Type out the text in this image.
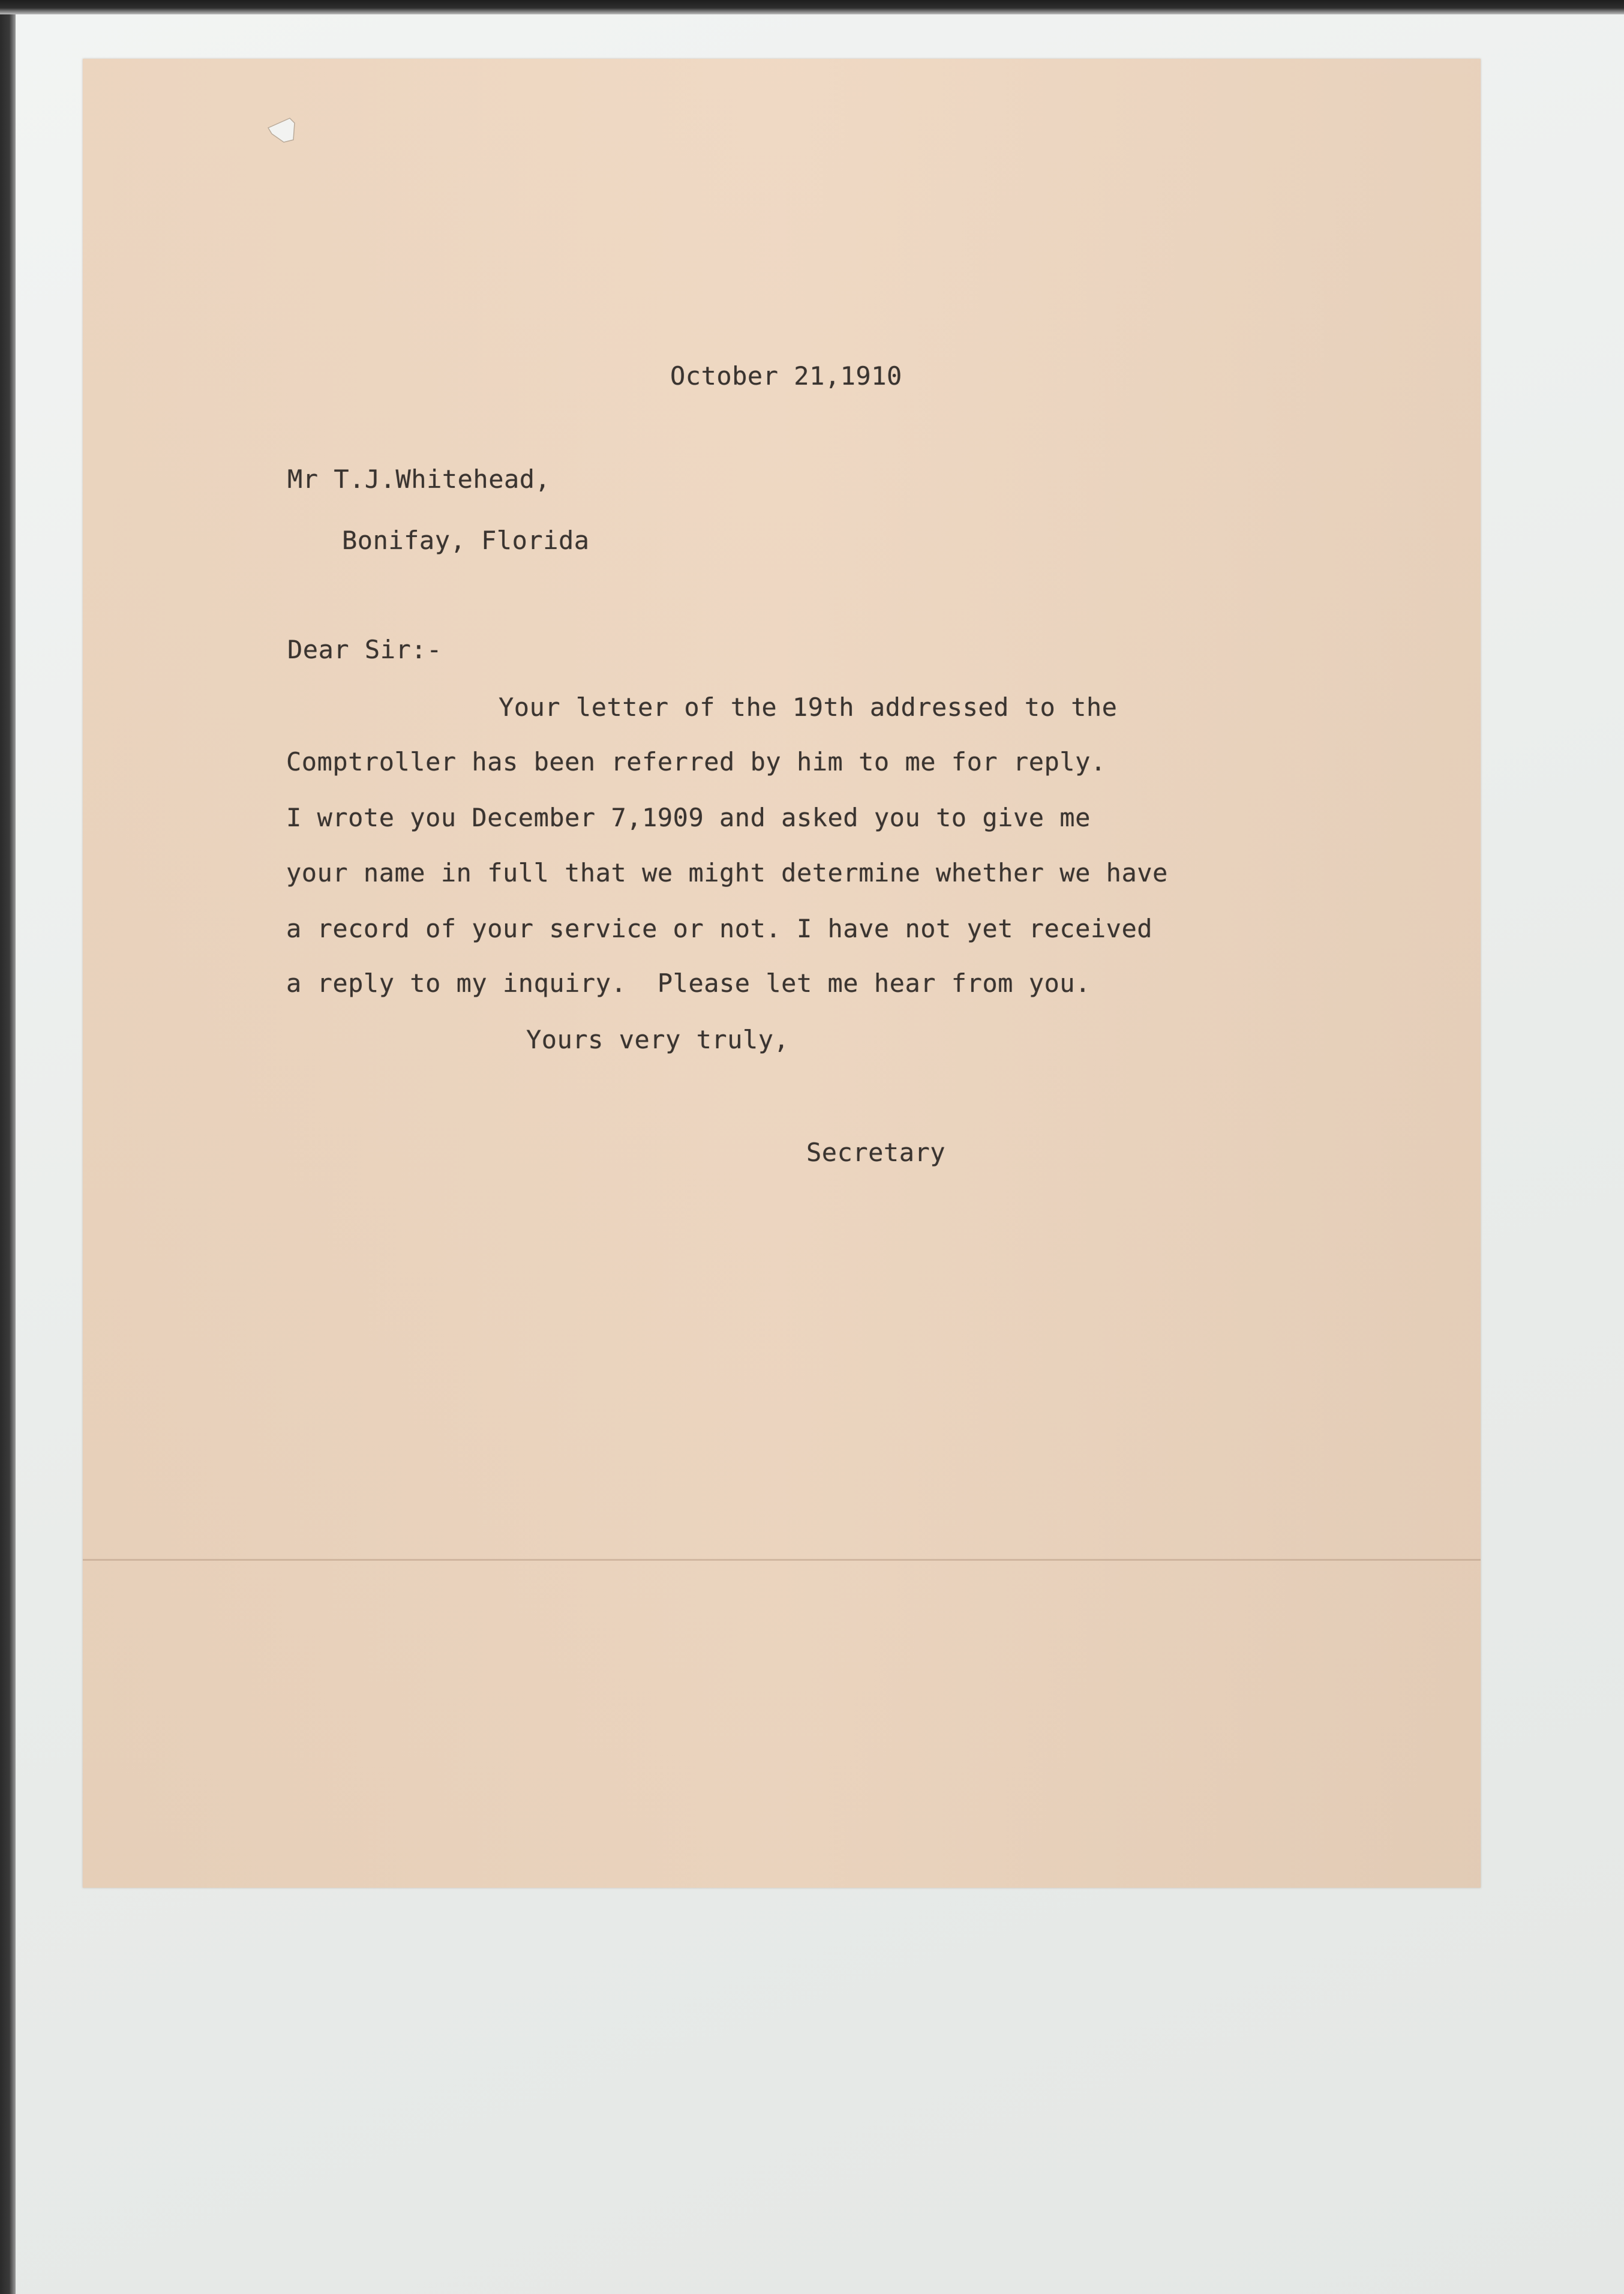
October 21,1910

Mr T.J.Whitehead,

Bonifay, Florida

Dear Sir:-

Your letter of the 19th addressed to the

Comptroller has been referred by him to me for reply.

I wrote you December 7,1909 and asked you to give me

your name in full that we might determine whether we have

a record of your service or not. I have not yet received

a reply to my inquiry.  Please let me hear from you.

Yours very truly,

Secretary
